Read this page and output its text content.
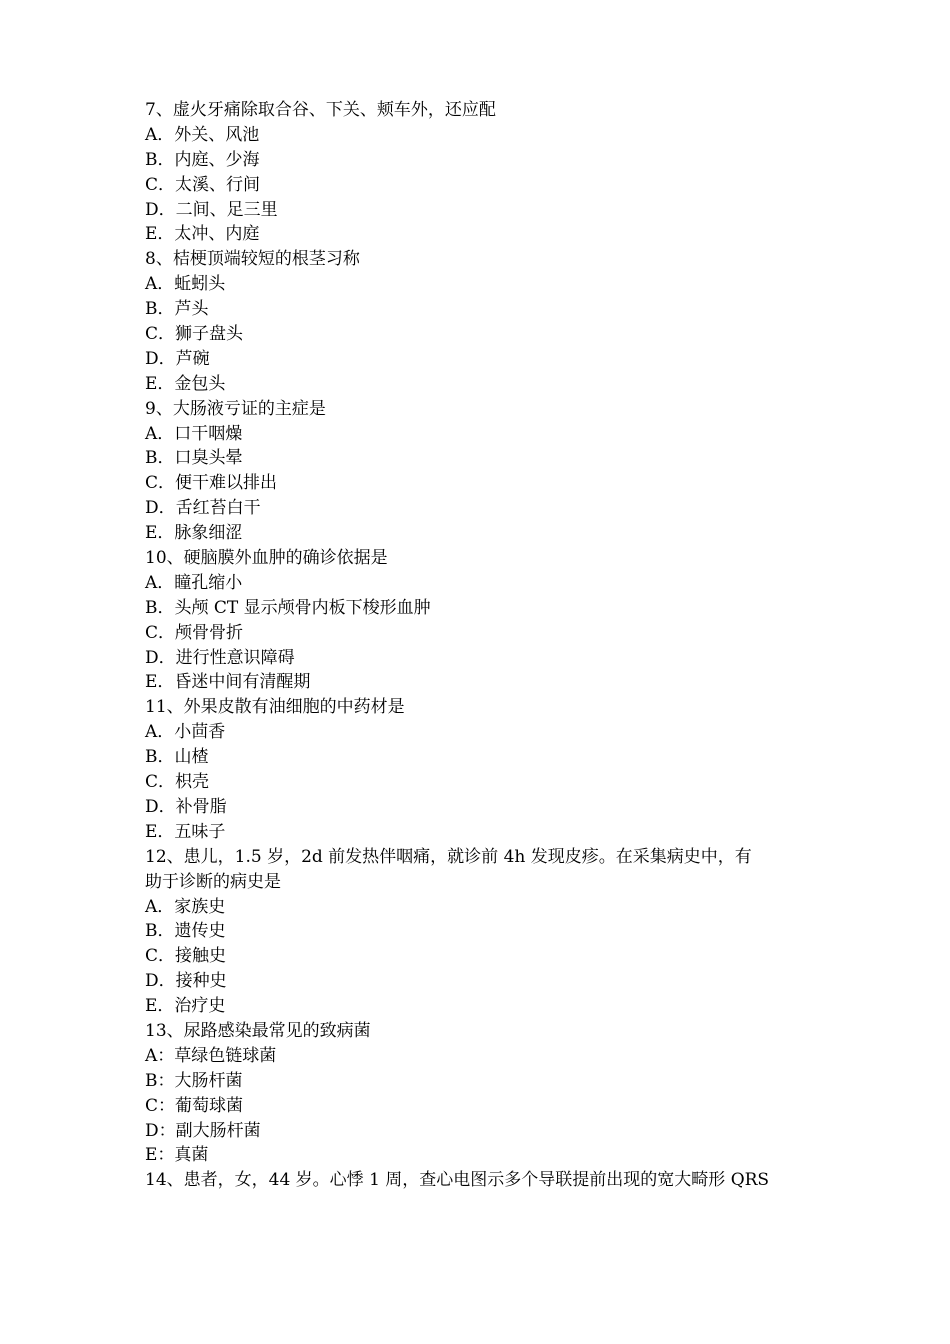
7、虚火牙痛除取合谷、下关、颊车外，还应配
A．外关、风池
B．内庭、少海
C．太溪、行间
D．二间、足三里
E．太冲、内庭
8、桔梗顶端较短的根茎习称
A．蚯蚓头
B．芦头
C．狮子盘头
D．芦碗
E．金包头
9、大肠液亏证的主症是
A．口干咽燥
B．口臭头晕
C．便干难以排出
D．舌红苔白干
E．脉象细涩
10、硬脑膜外血肿的确诊依据是
A．瞳孔缩小
B．头颅 CT 显示颅骨内板下梭形血肿
C．颅骨骨折
D．进行性意识障碍
E．昏迷中间有清醒期
11、外果皮散有油细胞的中药材是
A．小茴香
B．山楂
C．枳壳
D．补骨脂
E．五味子
12、患儿，1.5 岁，2d 前发热伴咽痛，就诊前 4h 发现皮疹。在采集病史中，有
助于诊断的病史是
A．家族史
B．遗传史
C．接触史
D．接种史
E．治疗史
13、尿路感染最常见的致病菌
A：草绿色链球菌
B：大肠杆菌
C：葡萄球菌
D：副大肠杆菌
E：真菌
14、患者，女，44 岁。心悸 1 周，查心电图示多个导联提前出现的宽大畸形 QRS
